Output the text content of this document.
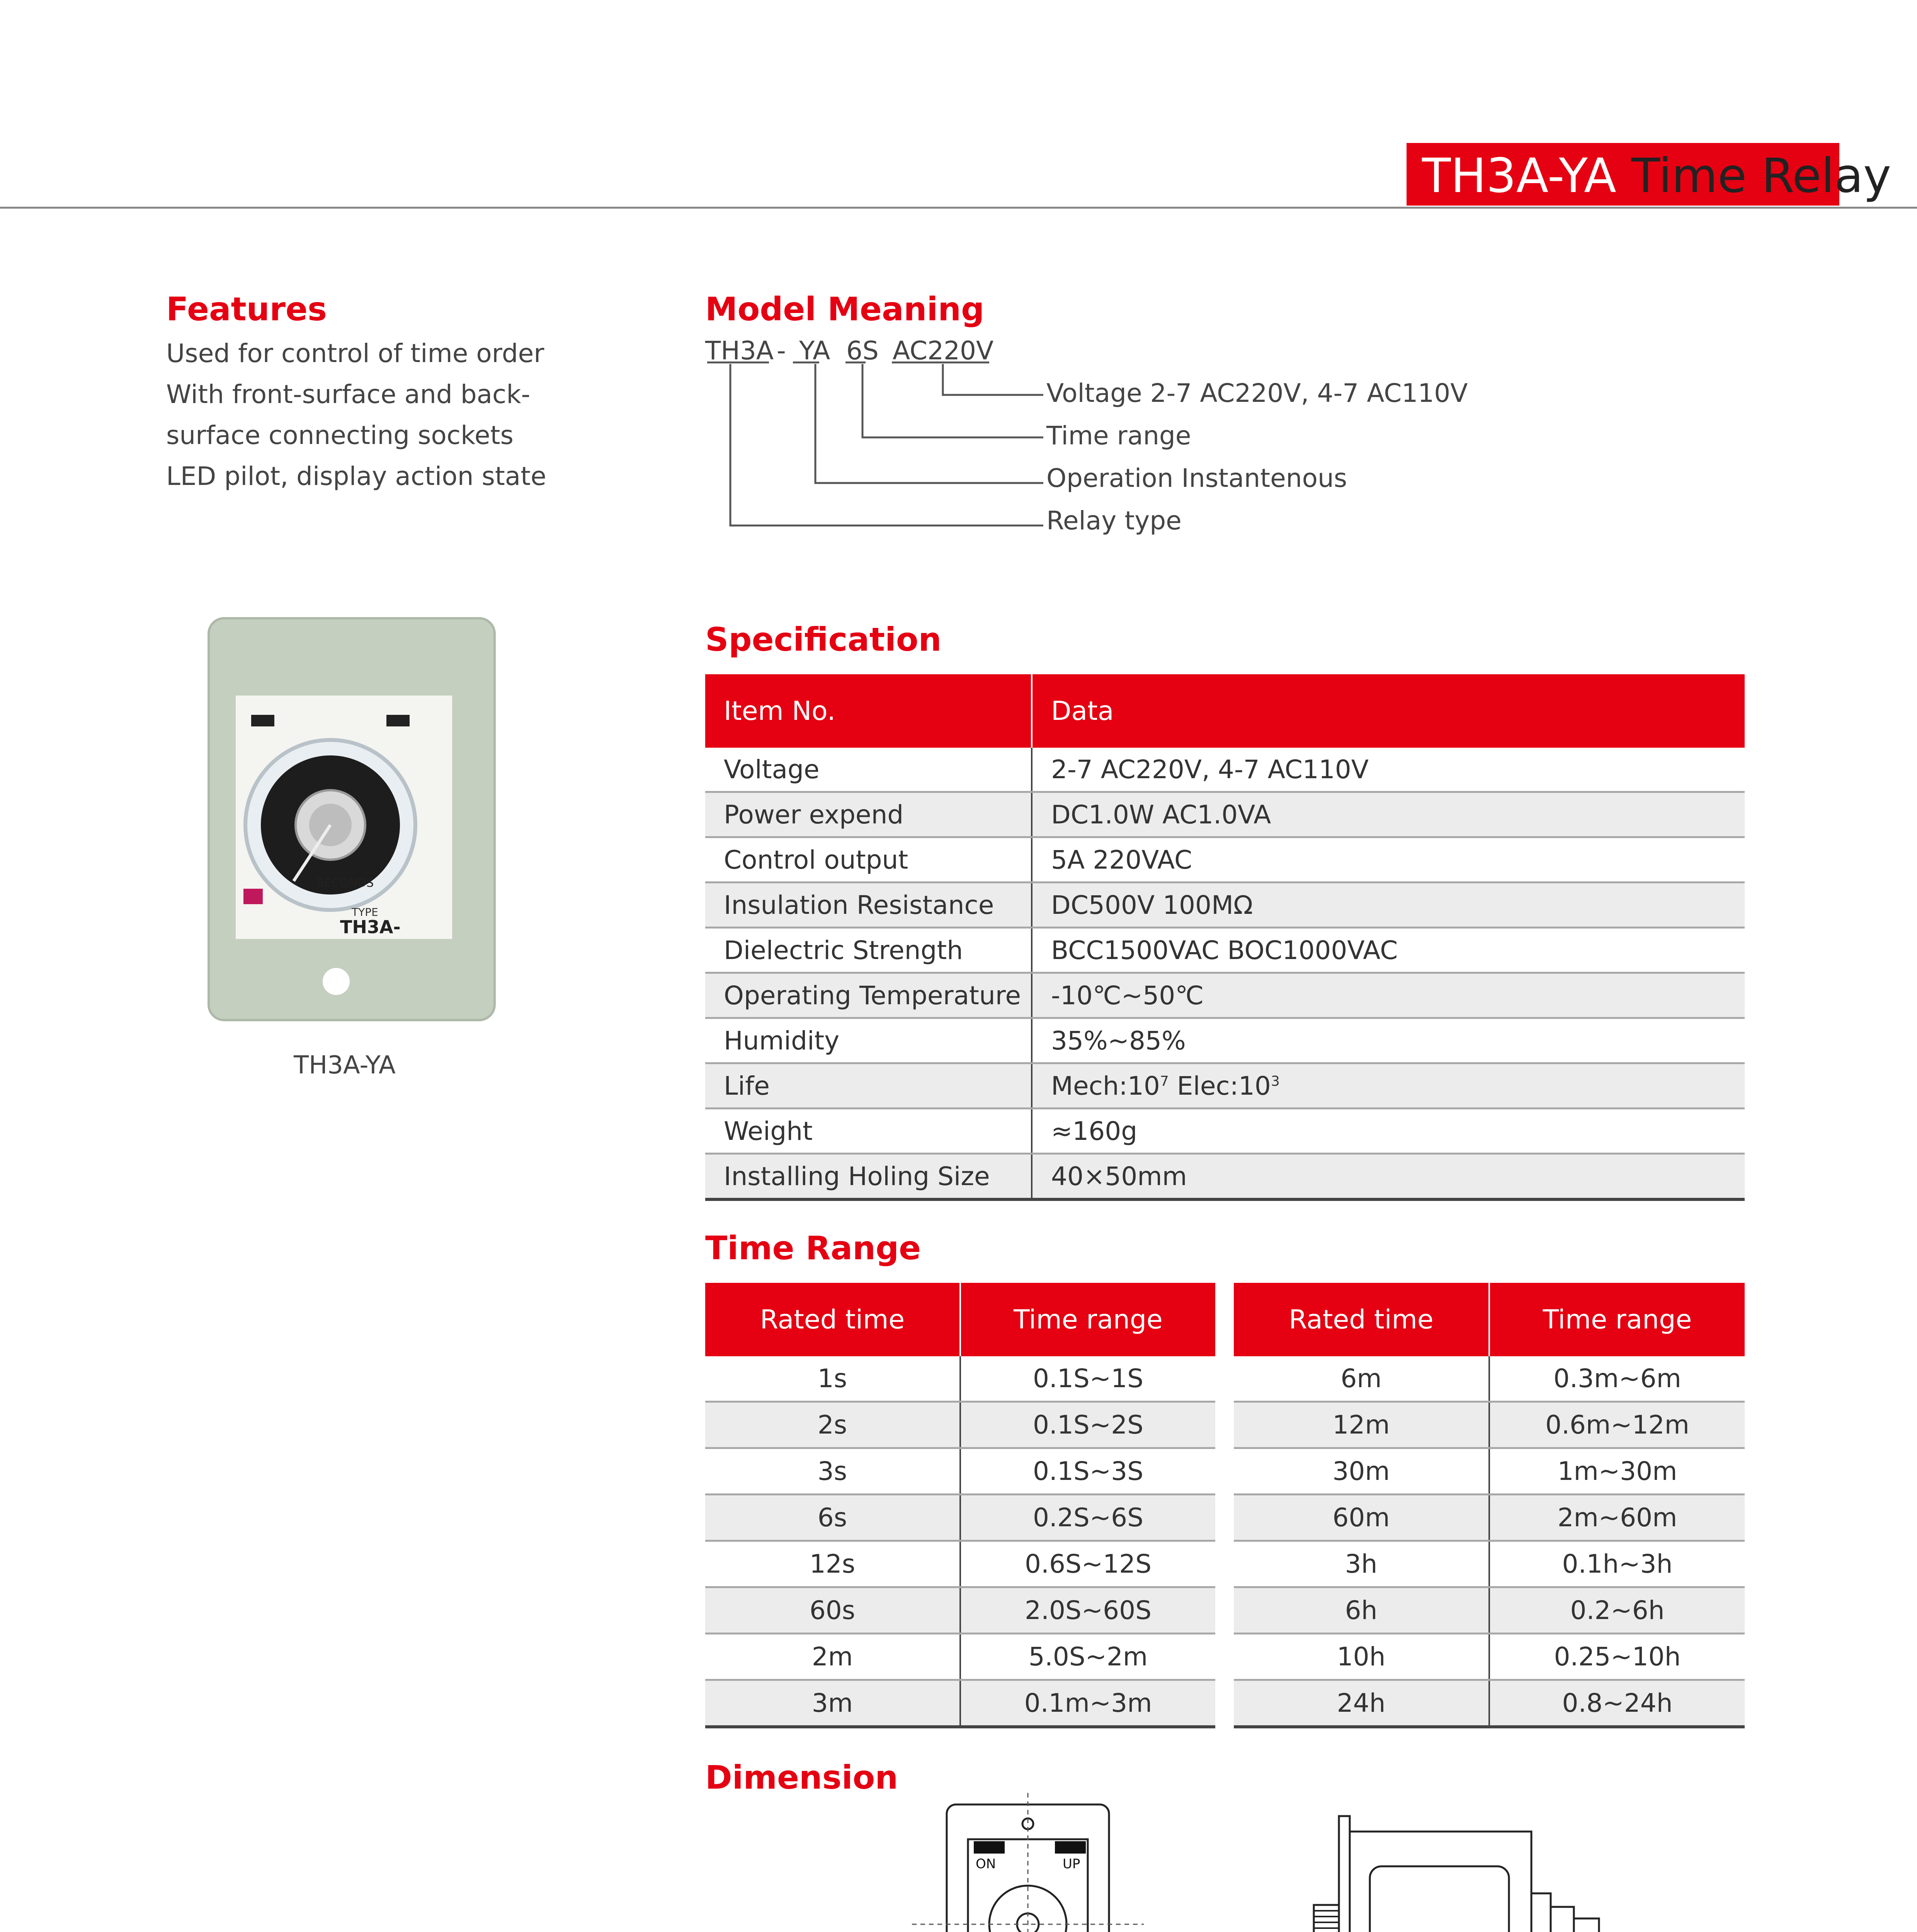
TH3A-YA Time Relay
Features
Used for control of time order
With front-surface and back-
surface connecting sockets
LED pilot, display action state
Model Meaning
TH3A - YA 6S AC220V
Voltage 2-7 AC220V, 4-7 AC110V
Time range
Operation Instantenous
Relay type
SECONDS
TYPE
TH3A-
TH3A-YA
Specification
Item No.	Data
Voltage	2-7 AC220V, 4-7 AC110V
Power expend	DC1.0W AC1.0VA
Control output	5A 220VAC
Insulation Resistance	DC500V 100MΩ
Dielectric Strength	BCC1500VAC BOC1000VAC
Operating Temperature	-10℃~50℃
Humidity	35%~85%
Life	$Mech:10^7$ $Elec:10^3$
Weight	≈160g
Installing Holing Size	40×50mm
Time Range
Rated time	Time range
1s	0.1S~1S
2s	0.1S~2S
3s	0.1S~3S
6s	0.2S~6S
12s	0.6S~12S
60s	2.0S~60S
2m	5.0S~2m
3m	0.1m~3m
Rated time	Time range
6m	0.3m~6m
12m	0.6m~12m
30m	1m~30m
60m	2m~60m
3h	0.1h~3h
6h	0.2~6h
10h	0.25~10h
24h	0.8~24h
Dimension
ON	UP
